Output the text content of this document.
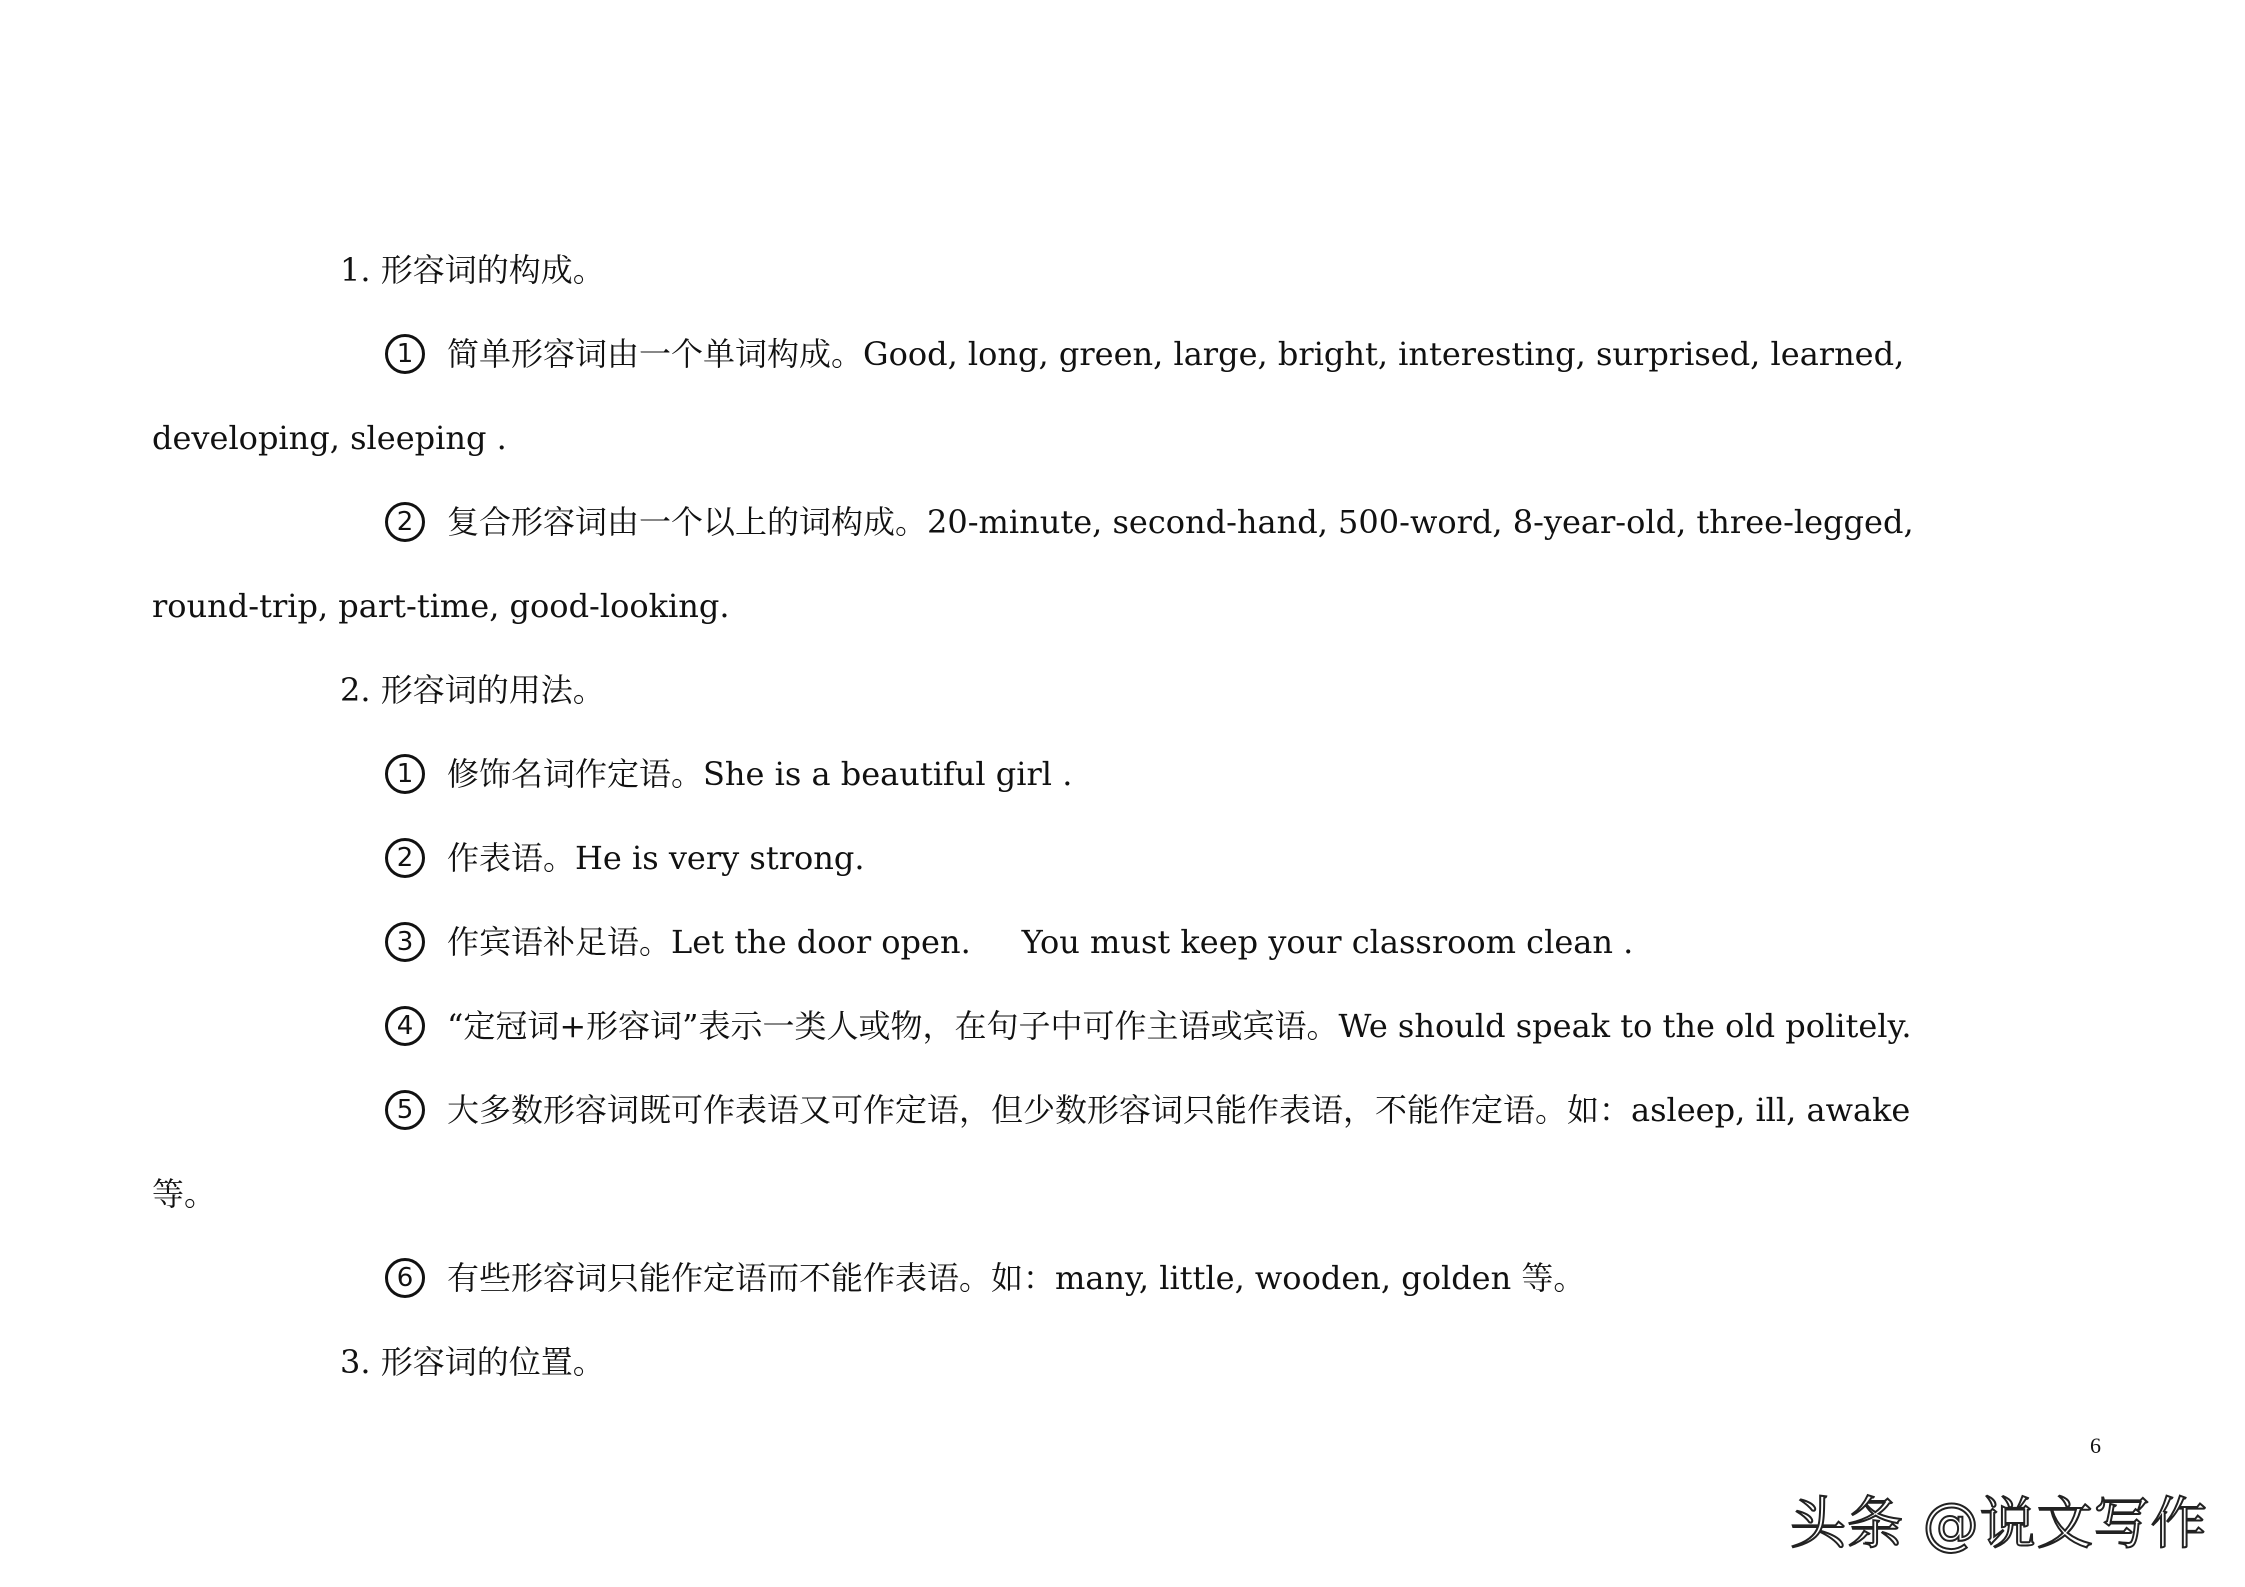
1. 形容词的构成。
1 简单形容词由一个单词构成。Good, long, green, large, bright, interesting, surprised, learned,
developing, sleeping .
2 复合形容词由一个以上的词构成。20-minute, second-hand, 500-word, 8-year-old, three-legged,
round-trip, part-time, good-looking.
2. 形容词的用法。
1 修饰名词作定语。She is a beautiful girl .
2 作表语。He is very strong.
3 作宾语补足语。Let the door open.     You must keep your classroom clean .
4 “定冠词+形容词”表示一类人或物，在句子中可作主语或宾语。We should speak to the old politely.
5 大多数形容词既可作表语又可作定语，但少数形容词只能作表语，不能作定语。如：asleep, ill, awake
等。
6 有些形容词只能作定语而不能作表语。如：many, little, wooden, golden 等。
3. 形容词的位置。
6
头条 @说文写作
